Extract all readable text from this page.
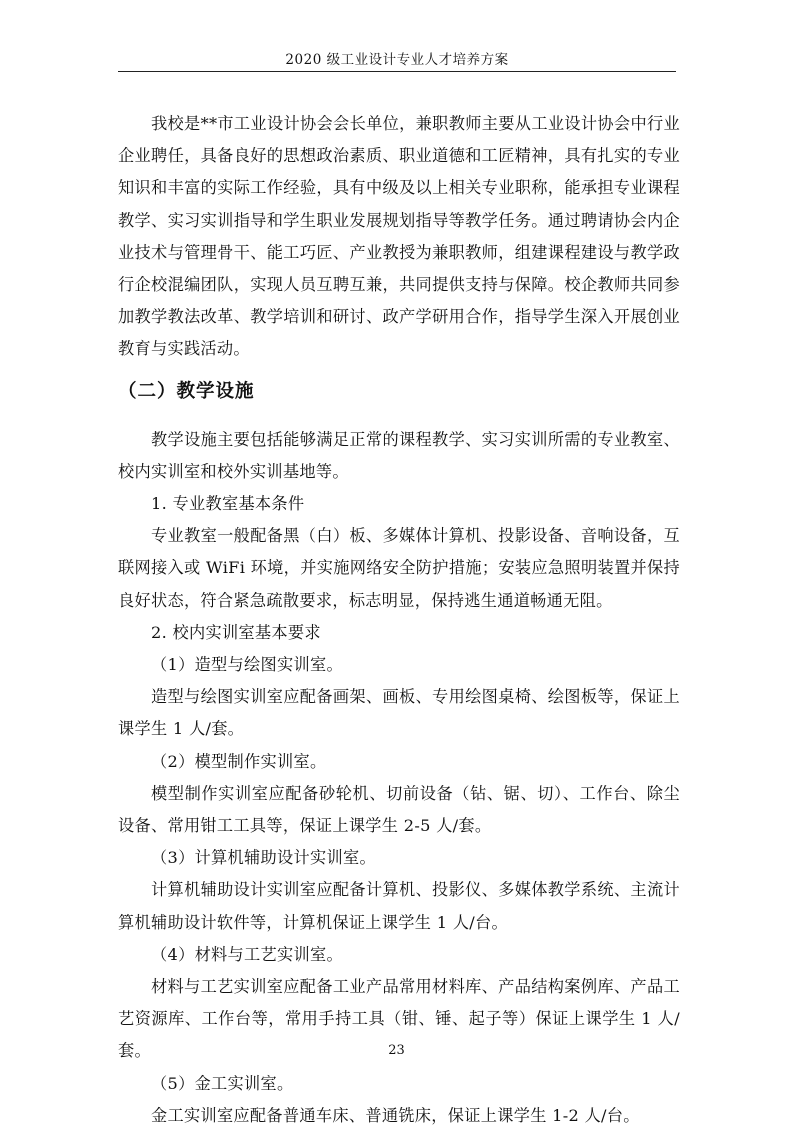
2020 级工业设计专业人才培养方案

我校是**市工业设计协会会长单位，兼职教师主要从工业设计协会中行业企业聘任，具备良好的思想政治素质、职业道德和工匠精神，具有扎实的专业知识和丰富的实际工作经验，具有中级及以上相关专业职称，能承担专业课程教学、实习实训指导和学生职业发展规划指导等教学任务。通过聘请协会内企业技术与管理骨干、能工巧匠、产业教授为兼职教师，组建课程建设与教学政行企校混编团队，实现人员互聘互兼，共同提供支持与保障。校企教师共同参加教学教法改革、教学培训和研讨、政产学研用合作，指导学生深入开展创业教育与实践活动。

（二）教学设施

教学设施主要包括能够满足正常的课程教学、实习实训所需的专业教室、校内实训室和校外实训基地等。

1. 专业教室基本条件

专业教室一般配备黑（白）板、多媒体计算机、投影设备、音响设备，互联网接入或 WiFi 环境，并实施网络安全防护措施；安装应急照明装置并保持良好状态，符合紧急疏散要求，标志明显，保持逃生通道畅通无阻。

2. 校内实训室基本要求

（1）造型与绘图实训室。

造型与绘图实训室应配备画架、画板、专用绘图桌椅、绘图板等，保证上课学生 1 人/套。

（2）模型制作实训室。

模型制作实训室应配备砂轮机、切前设备（钻、锯、切）、工作台、除尘设备、常用钳工工具等，保证上课学生 2-5 人/套。

（3）计算机辅助设计实训室。

计算机辅助设计实训室应配备计算机、投影仪、多媒体教学系统、主流计算机辅助设计软件等，计算机保证上课学生 1 人/台。

（4）材料与工艺实训室。

材料与工艺实训室应配备工业产品常用材料库、产品结构案例库、产品工艺资源库、工作台等，常用手持工具（钳、锤、起子等）保证上课学生 1 人/套。

（5）金工实训室。

金工实训室应配备普通车床、普通铣床，保证上课学生 1-2 人/台。

23
